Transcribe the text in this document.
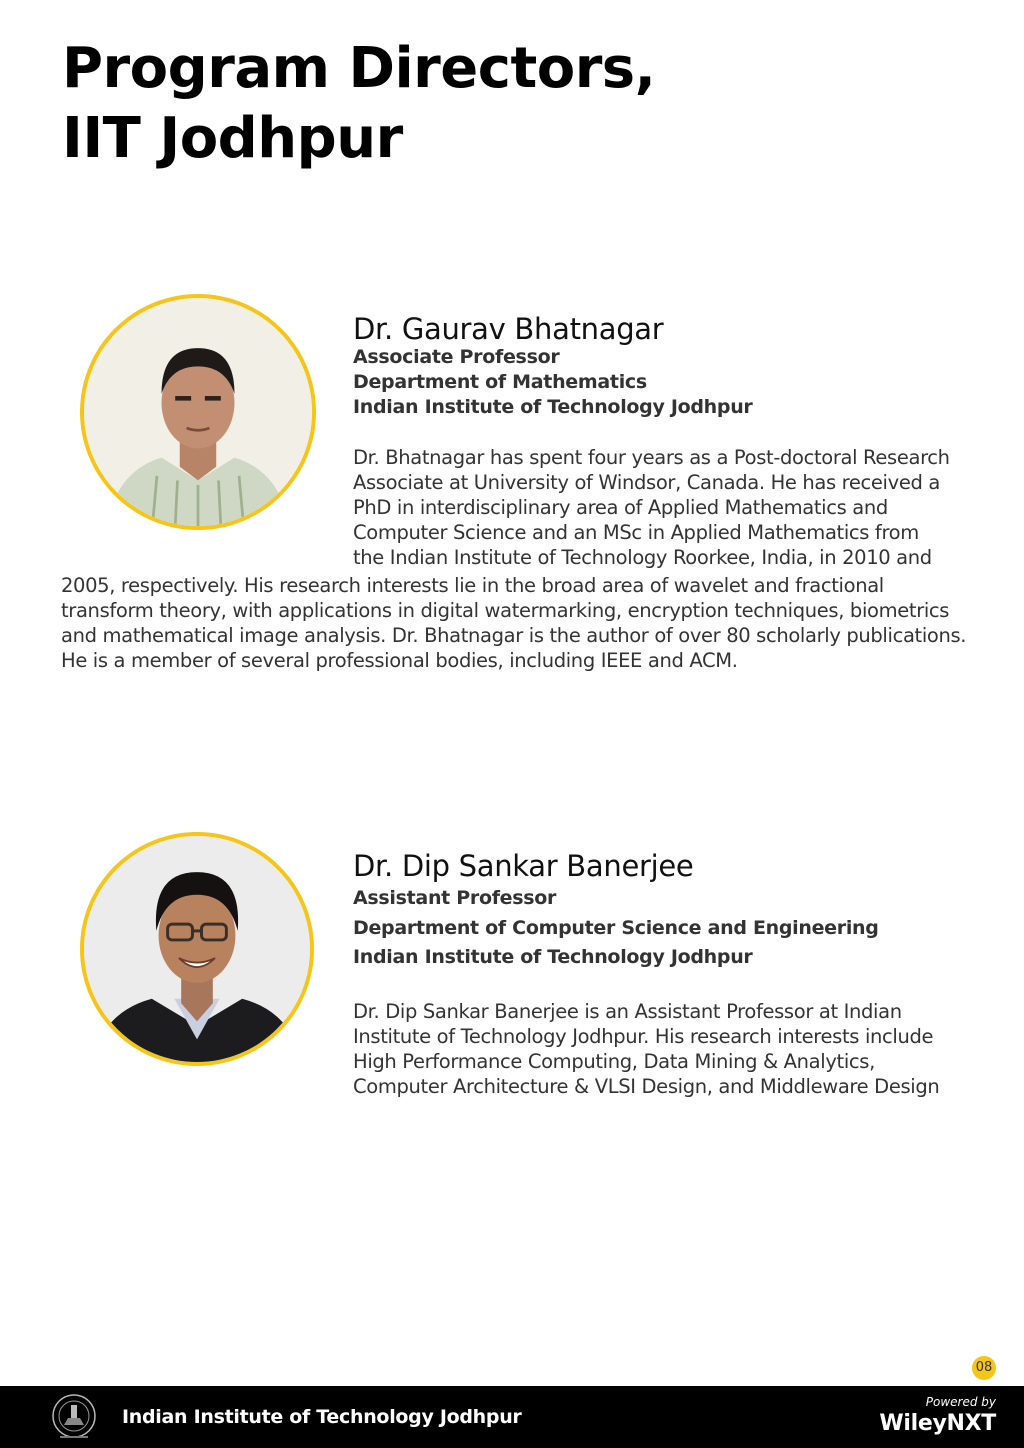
Program Directors,
IIT Jodhpur
Dr. Gaurav Bhatnagar
Associate Professor
Department of Mathematics
Indian Institute of Technology Jodhpur
Dr. Bhatnagar has spent four years as a Post-doctoral Research
Associate at University of Windsor, Canada. He has received a
PhD in interdisciplinary area of Applied Mathematics and
Computer Science and an MSc in Applied Mathematics from
the Indian Institute of Technology Roorkee, India, in 2010 and
2005, respectively. His research interests lie in the broad area of wavelet and fractional
transform theory, with applications in digital watermarking, encryption techniques, biometrics
and mathematical image analysis. Dr. Bhatnagar is the author of over 80 scholarly publications.
He is a member of several professional bodies, including IEEE and ACM.
Dr. Dip Sankar Banerjee
Assistant Professor
Department of Computer Science and Engineering
Indian Institute of Technology Jodhpur
Dr. Dip Sankar Banerjee is an Assistant Professor at Indian
Institute of Technology Jodhpur. His research interests include
High Performance Computing, Data Mining & Analytics,
Computer Architecture & VLSI Design, and Middleware Design
08
Indian Institute of Technology Jodhpur
Powered by
WileyNXT
